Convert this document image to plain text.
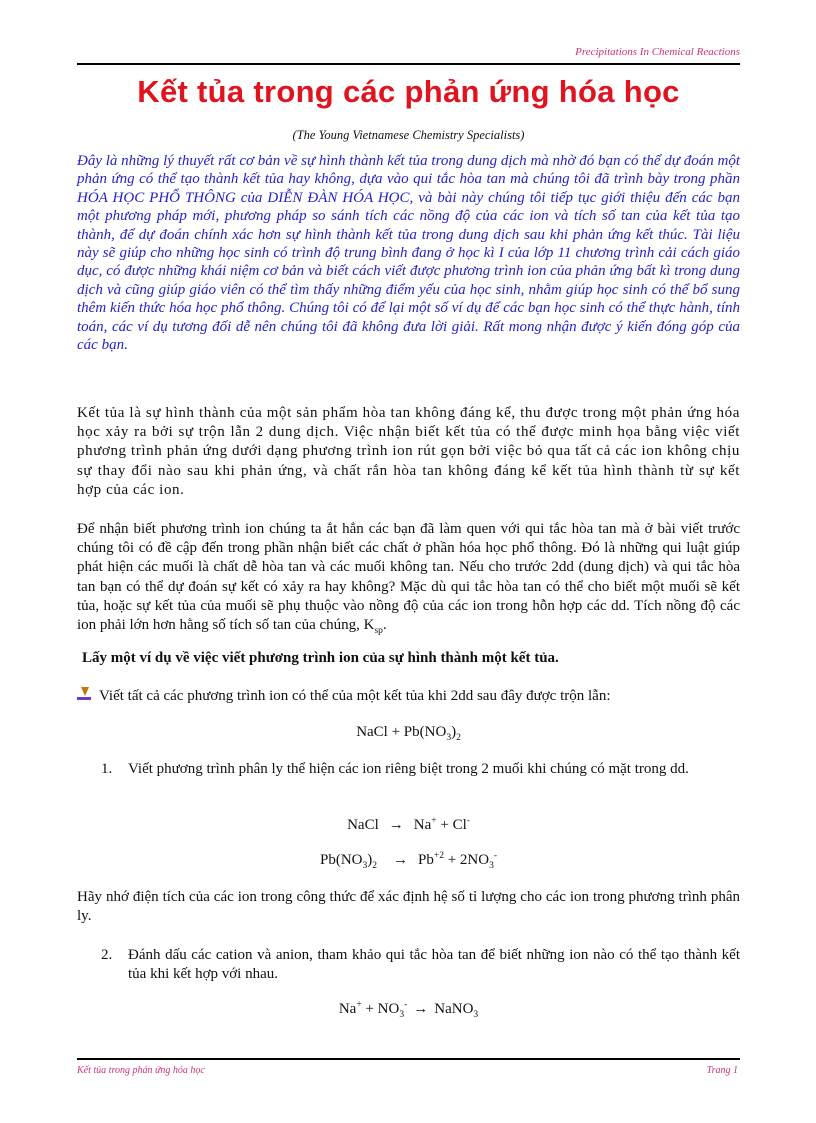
Precipitations In Chemical Reactions
Kết tủa trong các phản ứng hóa học
(The Young Vietnamese Chemistry Specialists)

Đây là những lý thuyết rất cơ bản về sự hình thành kết tủa trong dung dịch mà nhờ đó bạn có thể dự đoán một phản ứng có thể tạo thành kết tủa hay không, dựa vào qui tắc hòa tan mà chúng tôi đã trình bày trong phần HÓA HỌC PHỔ THÔNG của DIỄN ĐÀN HÓA HỌC, và bài này chúng tôi tiếp tục giới thiệu đến các bạn một phương pháp mới, phương pháp so sánh tích các nồng độ của các ion và tích số tan của kết tủa tạo thành, để dự đoán chính xác hơn sự hình thành kết tủa trong dung dịch sau khi phản ứng kết thúc. Tài liệu này sẽ giúp cho những học sinh có trình độ trung bình đang ở học kì I của lớp 11 chương trình cải cách giáo dục, có được những khái niệm cơ bản và biết cách viết được phương trình ion của phản ứng bất kì trong dung dịch và cũng giúp giáo viên có thể tìm thấy những điểm yếu của học sinh, nhằm giúp học sinh có thể bổ sung thêm kiến thức hóa học phổ thông. Chúng tôi có để lại một số ví dụ để các bạn học sinh có thể thực hành, tính toán, các ví dụ tương đối dễ nên chúng tôi đã không đưa lời giải. Rất mong nhận được ý kiến đóng góp của các bạn.

Kết tủa là sự hình thành của một sản phẩm hòa tan không đáng kể, thu được trong một phản ứng hóa học xảy ra bởi sự trộn lẫn 2 dung dịch. Việc nhận biết kết tủa có thể được minh họa bằng việc viết phương trình phản ứng dưới dạng phương trình ion rút gọn bởi việc bỏ qua tất cả các ion không chịu sự thay đổi nào sau khi phản ứng, và chất rắn hòa tan không đáng kể kết tủa hình thành từ sự kết hợp của các ion.

Để nhận biết phương trình ion chúng ta ắt hẳn các bạn đã làm quen với qui tắc hòa tan mà ở bài viết trước chúng tôi có đề cập đến trong phần nhận biết các chất ở phần hóa học phổ thông. Đó là những qui luật giúp phát hiện các muối là chất dễ hòa tan và các muối không tan. Nếu cho trước 2dd (dung dịch) và qui tắc hòa tan bạn có thể dự đoán sự kết có xảy ra hay không? Mặc dù qui tắc hòa tan có thể cho biết một muối sẽ kết tủa, hoặc sự kết tủa của muối sẽ phụ thuộc vào nồng độ của các ion trong hỗn hợp các dd. Tích nồng độ các ion phải lớn hơn hằng số tích số tan của chúng, $K_{sp}$.

Lấy một ví dụ về việc viết phương trình ion của sự hình thành một kết tủa.
Viết tất cả các phương trình ion có thể của một kết tủa khi 2dd sau đây được trộn lẫn:
NaCl + $Pb(NO_3)_2$
1. Viết phương trình phân ly thể hiện các ion riêng biệt trong 2 muối khi chúng có mặt trong dd.
NaCl → Na+ + Cl-
$Pb(NO_3)_2 \to Pb^{+2} + 2NO_3^-$

Hãy nhớ điện tích của các ion trong công thức để xác định hệ số tỉ lượng cho các ion trong phương trình phân ly.

2. Đánh dấu các cation và anion, tham khảo qui tắc hòa tan để biết những ion nào có thể tạo thành kết tủa khi kết hợp với nhau.
$Na^+ + NO_3^-$ → NaNO$_3$
Kết tủa trong phản ứng hóa học	Trang 1
